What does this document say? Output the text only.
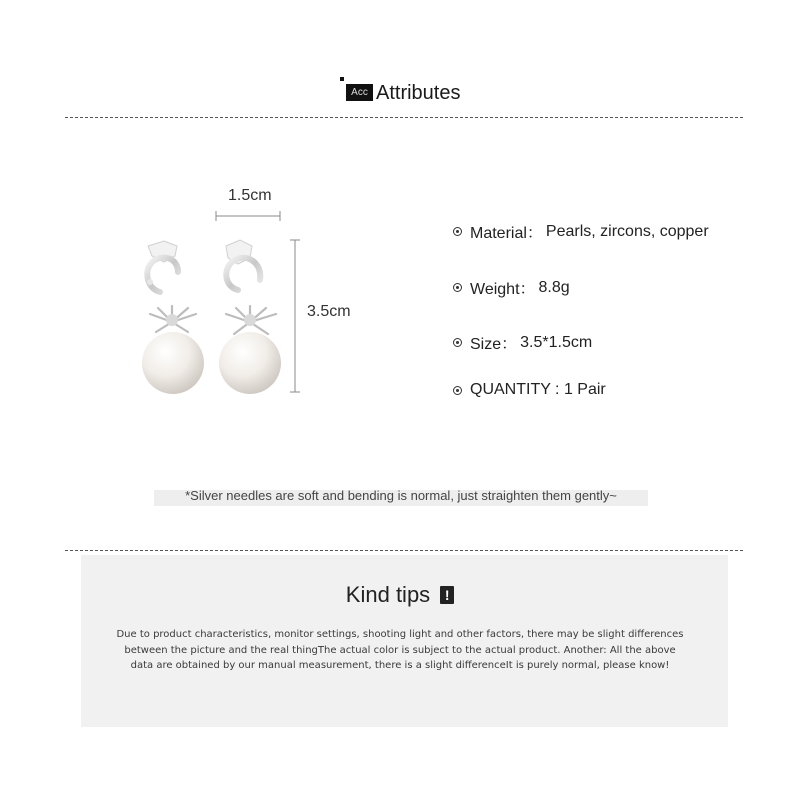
Acc Attributes
1.5cm
3.5cm
Material： Pearls, zircons, copper
Weight： 8.8g
Size： 3.5*1.5cm
QUANTITY : 1 Pair
*Silver needles are soft and bending is normal, just straighten them gently~
Kind tips !
Due to product characteristics, monitor settings, shooting light and other factors, there may be slight differences between the picture and the real thingThe actual color is subject to the actual product. Another: All the above data are obtained by our manual measurement, there is a slight differenceIt is purely normal, please know!
